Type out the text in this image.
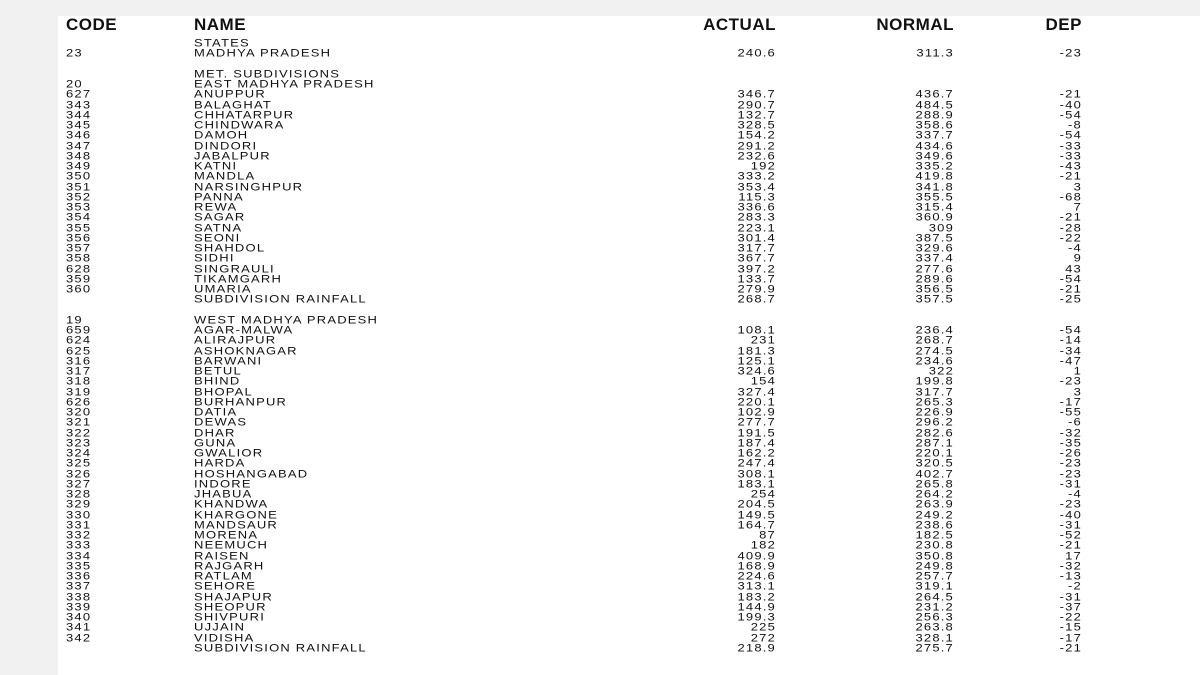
CODE	NAME	ACTUAL	NORMAL	DEP
STATES
23	MADHYA PRADESH	240.6	311.3	-23
MET. SUBDIVISIONS
20	EAST MADHYA PRADESH
627	ANUPPUR	346.7	436.7	-21
343	BALAGHAT	290.7	484.5	-40
344	CHHATARPUR	132.7	288.9	-54
345	CHINDWARA	328.5	358.6	-8
346	DAMOH	154.2	337.7	-54
347	DINDORI	291.2	434.6	-33
348	JABALPUR	232.6	349.6	-33
349	KATNI	192	335.2	-43
350	MANDLA	333.2	419.8	-21
351	NARSINGHPUR	353.4	341.8	3
352	PANNA	115.3	355.5	-68
353	REWA	336.6	315.4	7
354	SAGAR	283.3	360.9	-21
355	SATNA	223.1	309	-28
356	SEONI	301.4	387.5	-22
357	SHAHDOL	317.7	329.6	-4
358	SIDHI	367.7	337.4	9
628	SINGRAULI	397.2	277.6	43
359	TIKAMGARH	133.7	289.6	-54
360	UMARIA	279.9	356.5	-21
SUBDIVISION RAINFALL	268.7	357.5	-25
19	WEST MADHYA PRADESH
659	AGAR-MALWA	108.1	236.4	-54
624	ALIRAJPUR	231	268.7	-14
625	ASHOKNAGAR	181.3	274.5	-34
316	BARWANI	125.1	234.6	-47
317	BETUL	324.6	322	1
318	BHIND	154	199.8	-23
319	BHOPAL	327.4	317.7	3
626	BURHANPUR	220.1	265.3	-17
320	DATIA	102.9	226.9	-55
321	DEWAS	277.7	296.2	-6
322	DHAR	191.5	282.6	-32
323	GUNA	187.4	287.1	-35
324	GWALIOR	162.2	220.1	-26
325	HARDA	247.4	320.5	-23
326	HOSHANGABAD	308.1	402.7	-23
327	INDORE	183.1	265.8	-31
328	JHABUA	254	264.2	-4
329	KHANDWA	204.5	263.9	-23
330	KHARGONE	149.5	249.2	-40
331	MANDSAUR	164.7	238.6	-31
332	MORENA	87	182.5	-52
333	NEEMUCH	182	230.8	-21
334	RAISEN	409.9	350.8	17
335	RAJGARH	168.9	249.8	-32
336	RATLAM	224.6	257.7	-13
337	SEHORE	313.1	319.1	-2
338	SHAJAPUR	183.2	264.5	-31
339	SHEOPUR	144.9	231.2	-37
340	SHIVPURI	199.3	256.3	-22
341	UJJAIN	225	263.8	-15
342	VIDISHA	272	328.1	-17
SUBDIVISION RAINFALL	218.9	275.7	-21
